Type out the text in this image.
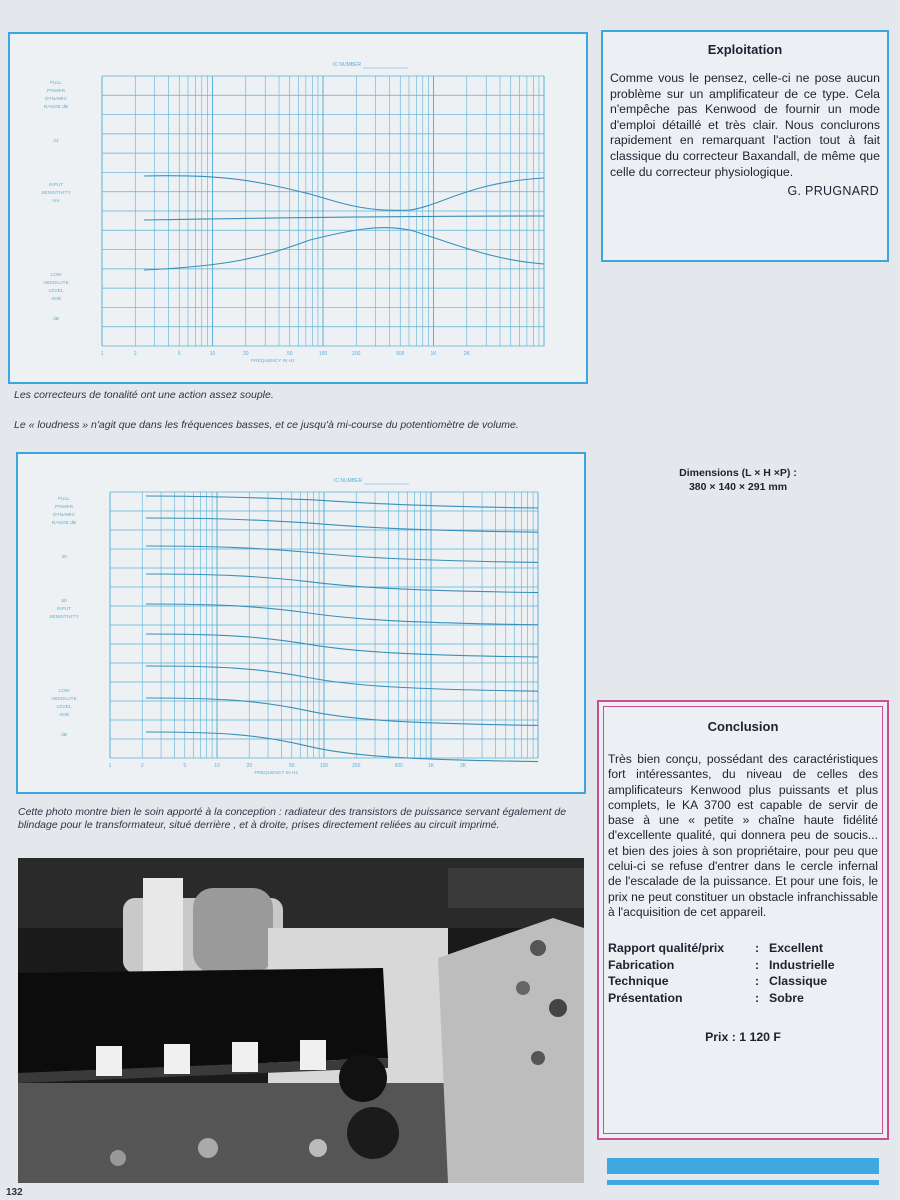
IC NUMBER
FULL
POWER
DYNAMIC
RANGE dB
24
INPUT
SENSITIVITY
mV
LOW
ABSOLUTE
LEVEL
ADB
dB
1	2	5	10	20	50	100	200	500	1K	2K
FREQUENCY IN Hz
Les correcteurs de tonalité ont une action assez souple.
Le « loudness » n'agit que dans les fréquences basses, et ce jusqu'à mi-course du potentiomètre de volume.
IC NUMBER
FULL
POWER
DYNAMIC
RANGE dB
30
50
INPUT
SENSITIVITY
LOW
ABSOLUTE
LEVEL
ADB
dB
1	2	5	10	20	50	100	200	500	1K	2K
FREQUENCY IN Hz
Cette photo montre bien le soin apporté à la conception : radiateur des transistors de puissance servant également de blindage pour le transformateur, situé derrière , et à droite, prises directement reliées au circuit imprimé.
Exploitation
Comme vous le pensez, celle-ci ne pose aucun problème sur un amplificateur de ce type. Cela n'empêche pas Kenwood de fournir un mode d'emploi détaillé et très clair. Nous conclurons rapidement en remarquant l'action tout à fait classique du correcteur Baxandall, de même que celle du correcteur physiologique.
G. PRUGNARD
Dimensions (L × H ×P) :
380 × 140 × 291 mm
Conclusion
Très bien conçu, possédant des caractéristiques fort intéressantes, du niveau de celles des amplificateurs Kenwood plus puissants et plus complets, le KA 3700 est capable de servir de base à une « petite » chaîne haute fidélité d'excellente qualité, qui donnera peu de soucis... et bien des joies à son propriétaire, pour peu que celui-ci se refuse d'entrer dans le cercle infernal de l'escalade de la puissance. Et pour une fois, le prix ne peut constituer un obstacle infranchissable à l'acquisition de cet appareil.
Rapport qualité/prix	: Excellent
Fabrication	: Industrielle
Technique	: Classique
Présentation	: Sobre
Prix : 1 120 F
132
